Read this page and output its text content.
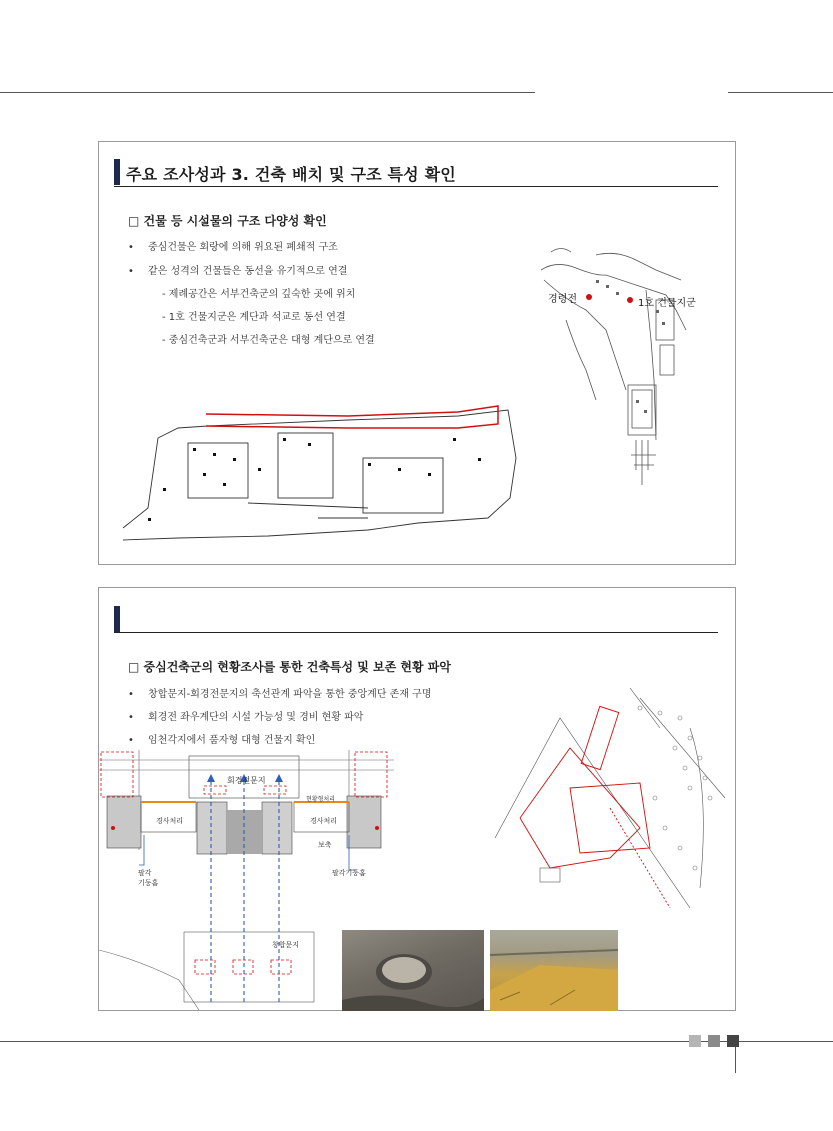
주요 조사성과 3. 건축 배치 및 구조 특성 확인
□ 건물 등 시설물의 구조 다양성 확인
• 중심건물은 회랑에 의해 위요된 폐쇄적 구조
• 같은 성격의 건물들은 동선을 유기적으로 연결
- 제례공간은 서부건축군의 깊숙한 곳에 위치
- 1호 건물지군은 계단과 석교로 동선 연결
- 중심건축군과 서부건축군은 대형 계단으로 연결
경령전	1호 건물지군
□ 중심건축군의 현황조사를 통한 건축특성 및 보존 현황 파악
• 창합문지-회경전문지의 축선관계 파악을 통한 중앙계단 존재 구명
• 회경전 좌우계단의 시설 가능성 및 경비 현황 파악
• 임천각지에서 품자형 대형 건물지 확인
회경전문지
창합문지
경사처리	경사처리
현황형처리
보축
팔각
기둥홈
팔각기둥홈
